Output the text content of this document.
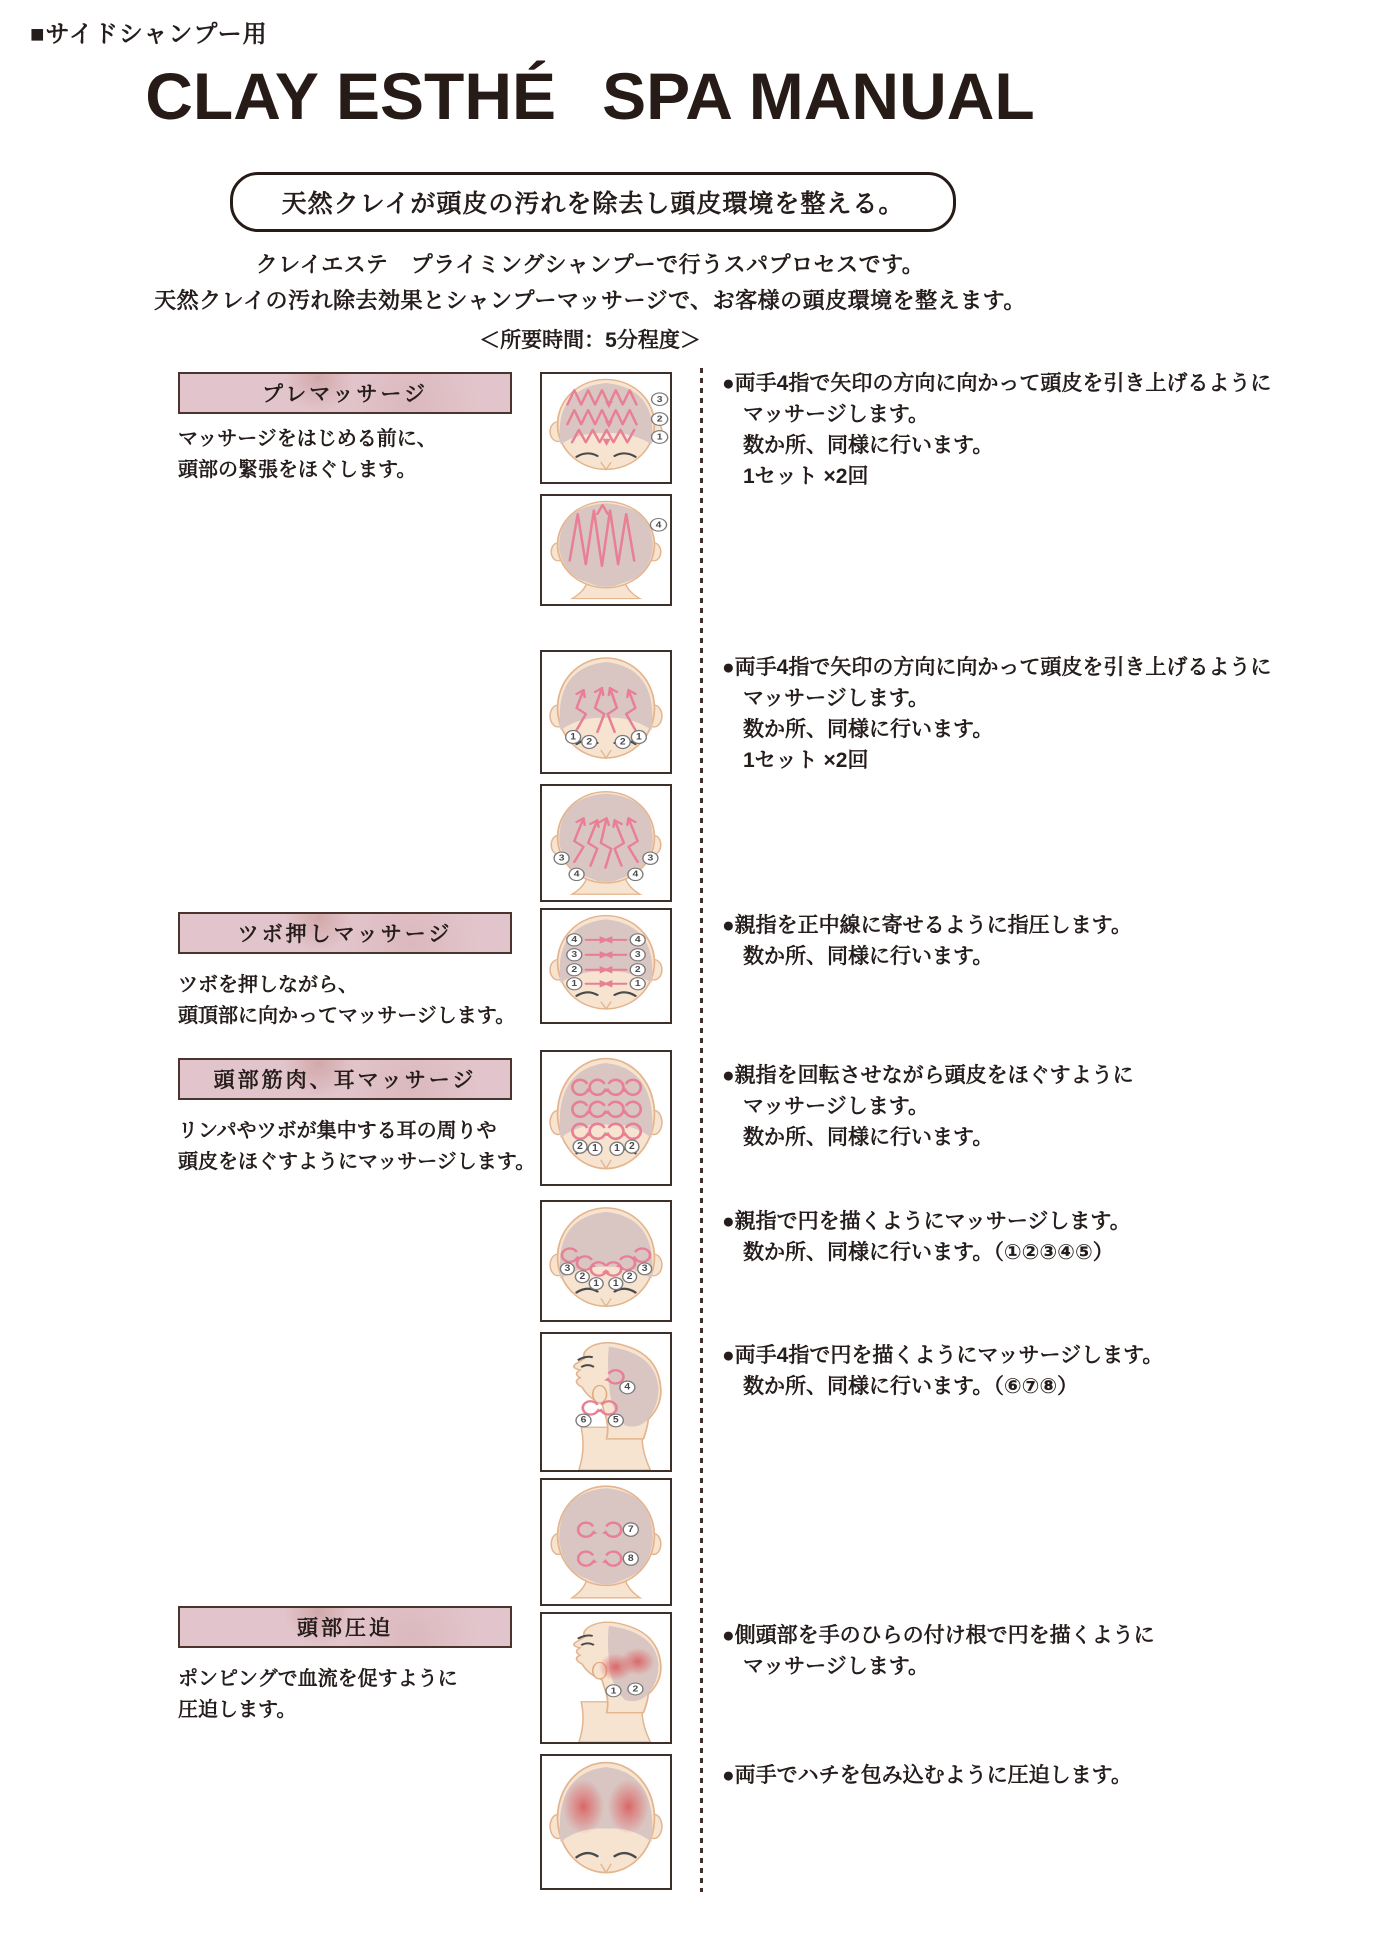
■サイドシャンプー用
CLAY ESTHÉ SPA MANUAL
天然クレイが頭皮の汚れを除去し頭皮環境を整える。
クレイエステ　プライミングシャンプーで行うスパプロセスです。
天然クレイの汚れ除去効果とシャンプーマッサージで、お客様の頭皮環境を整えます。
＜所要時間：5分程度＞
プレマッサージ
マッサージをはじめる前に、
頭部の緊張をほぐします。
3
2
1
4
1 2	2 1
3	3
4	4
●両手4指で矢印の方向に向かって頭皮を引き上げるように
マッサージします。
数か所、同様に行います。
1セット ×2回
●両手4指で矢印の方向に向かって頭皮を引き上げるように
マッサージします。
数か所、同様に行います。
1セット ×2回
ツボ押しマッサージ
ツボを押しながら、
頭頂部に向かってマッサージします。
4	4
3	3
2	2
1	1
●親指を正中線に寄せるように指圧します。
数か所、同様に行います。
頭部筋肉、耳マッサージ
リンパやツボが集中する耳の周りや
頭皮をほぐすようにマッサージします。
2 1 1 2
●親指を回転させながら頭皮をほぐすように
マッサージします。
数か所、同様に行います。
3
2
1 1
2
3
●親指で円を描くようにマッサージします。
数か所、同様に行います。（①②③④⑤）
4
5
6
●両手4指で円を描くようにマッサージします。
数か所、同様に行います。（⑥⑦⑧）
7
8
頭部圧迫
ポンピングで血流を促すように
圧迫します。
1 2
●側頭部を手のひらの付け根で円を描くように
マッサージします。
●両手でハチを包み込むように圧迫します。
